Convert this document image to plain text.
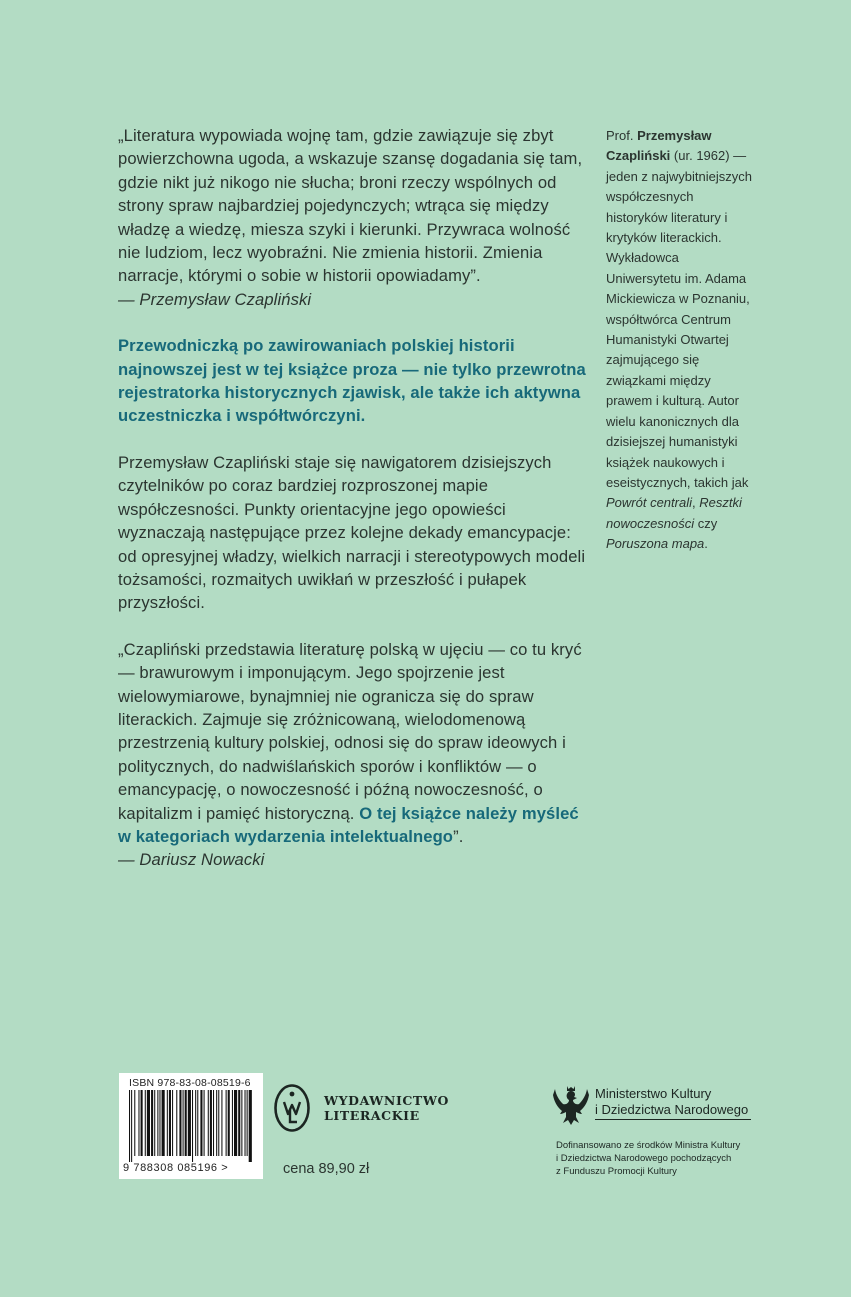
„Literatura wypowiada wojnę tam, gdzie zawiązuje się zbyt powierzchowna ugoda, a wskazuje szansę dogadania się tam, gdzie nikt już nikogo nie słucha; broni rzeczy wspólnych od strony spraw najbardziej pojedynczych; wtrąca się między władzę a wiedzę, miesza szyki i kierunki. Przywraca wolność nie ludziom, lecz wyobraźni. Nie zmienia historii. Zmienia narracje, którymi o sobie w historii opowiadamy”.
— Przemysław Czapliński

Przewodniczką po zawirowaniach polskiej historii najnowszej jest w tej książce proza — nie tylko przewrotna rejestratorka historycznych zjawisk, ale także ich aktywna uczestniczka i współtwórczyni.

Przemysław Czapliński staje się nawigatorem dzisiejszych czytelników po coraz bardziej rozproszonej mapie współczesności. Punkty orientacyjne jego opowieści wyznaczają następujące przez kolejne dekady emancypacje: od opresyjnej władzy, wielkich narracji i stereotypowych modeli tożsamości, rozmaitych uwikłań w przeszłość i pułapek przyszłości.

„Czapliński przedstawia literaturę polską w ujęciu — co tu kryć — brawurowym i imponującym. Jego spojrzenie jest wielowymiarowe, bynajmniej nie ogranicza się do spraw literackich. Zajmuje się zróżnicowaną, wielodomenową przestrzenią kultury polskiej, odnosi się do spraw ideowych i politycznych, do nadwiślańskich sporów i konfliktów — o emancypację, o nowoczesność i późną nowoczesność, o kapitalizm i pamięć historyczną. O tej książce należy myśleć w kategoriach wydarzenia intelektualnego”.
— Dariusz Nowacki

Prof. Przemysław Czapliński (ur. 1962) — jeden z najwybitniejszych współczesnych historyków literatury i krytyków literackich. Wykładowca Uniwersytetu im. Adama Mickiewicza w Poznaniu, współtwórca Centrum Humanistyki Otwartej zajmującego się związkami między prawem i kulturą. Autor wielu kanonicznych dla dzisiejszej humanistyki książek naukowych i eseistycznych, takich jak Powrót centrali, Resztki nowoczesności czy Poruszona mapa.

ISBN 978-83-08-08519-6
9 788308 085196 >
WYDAWNICTWO
LITERACKIE
cena 89,90 zł
Ministerstwo Kultury
i Dziedzictwa Narodowego
Dofinansowano ze środków Ministra Kultury
i Dziedzictwa Narodowego pochodzących
z Funduszu Promocji Kultury
